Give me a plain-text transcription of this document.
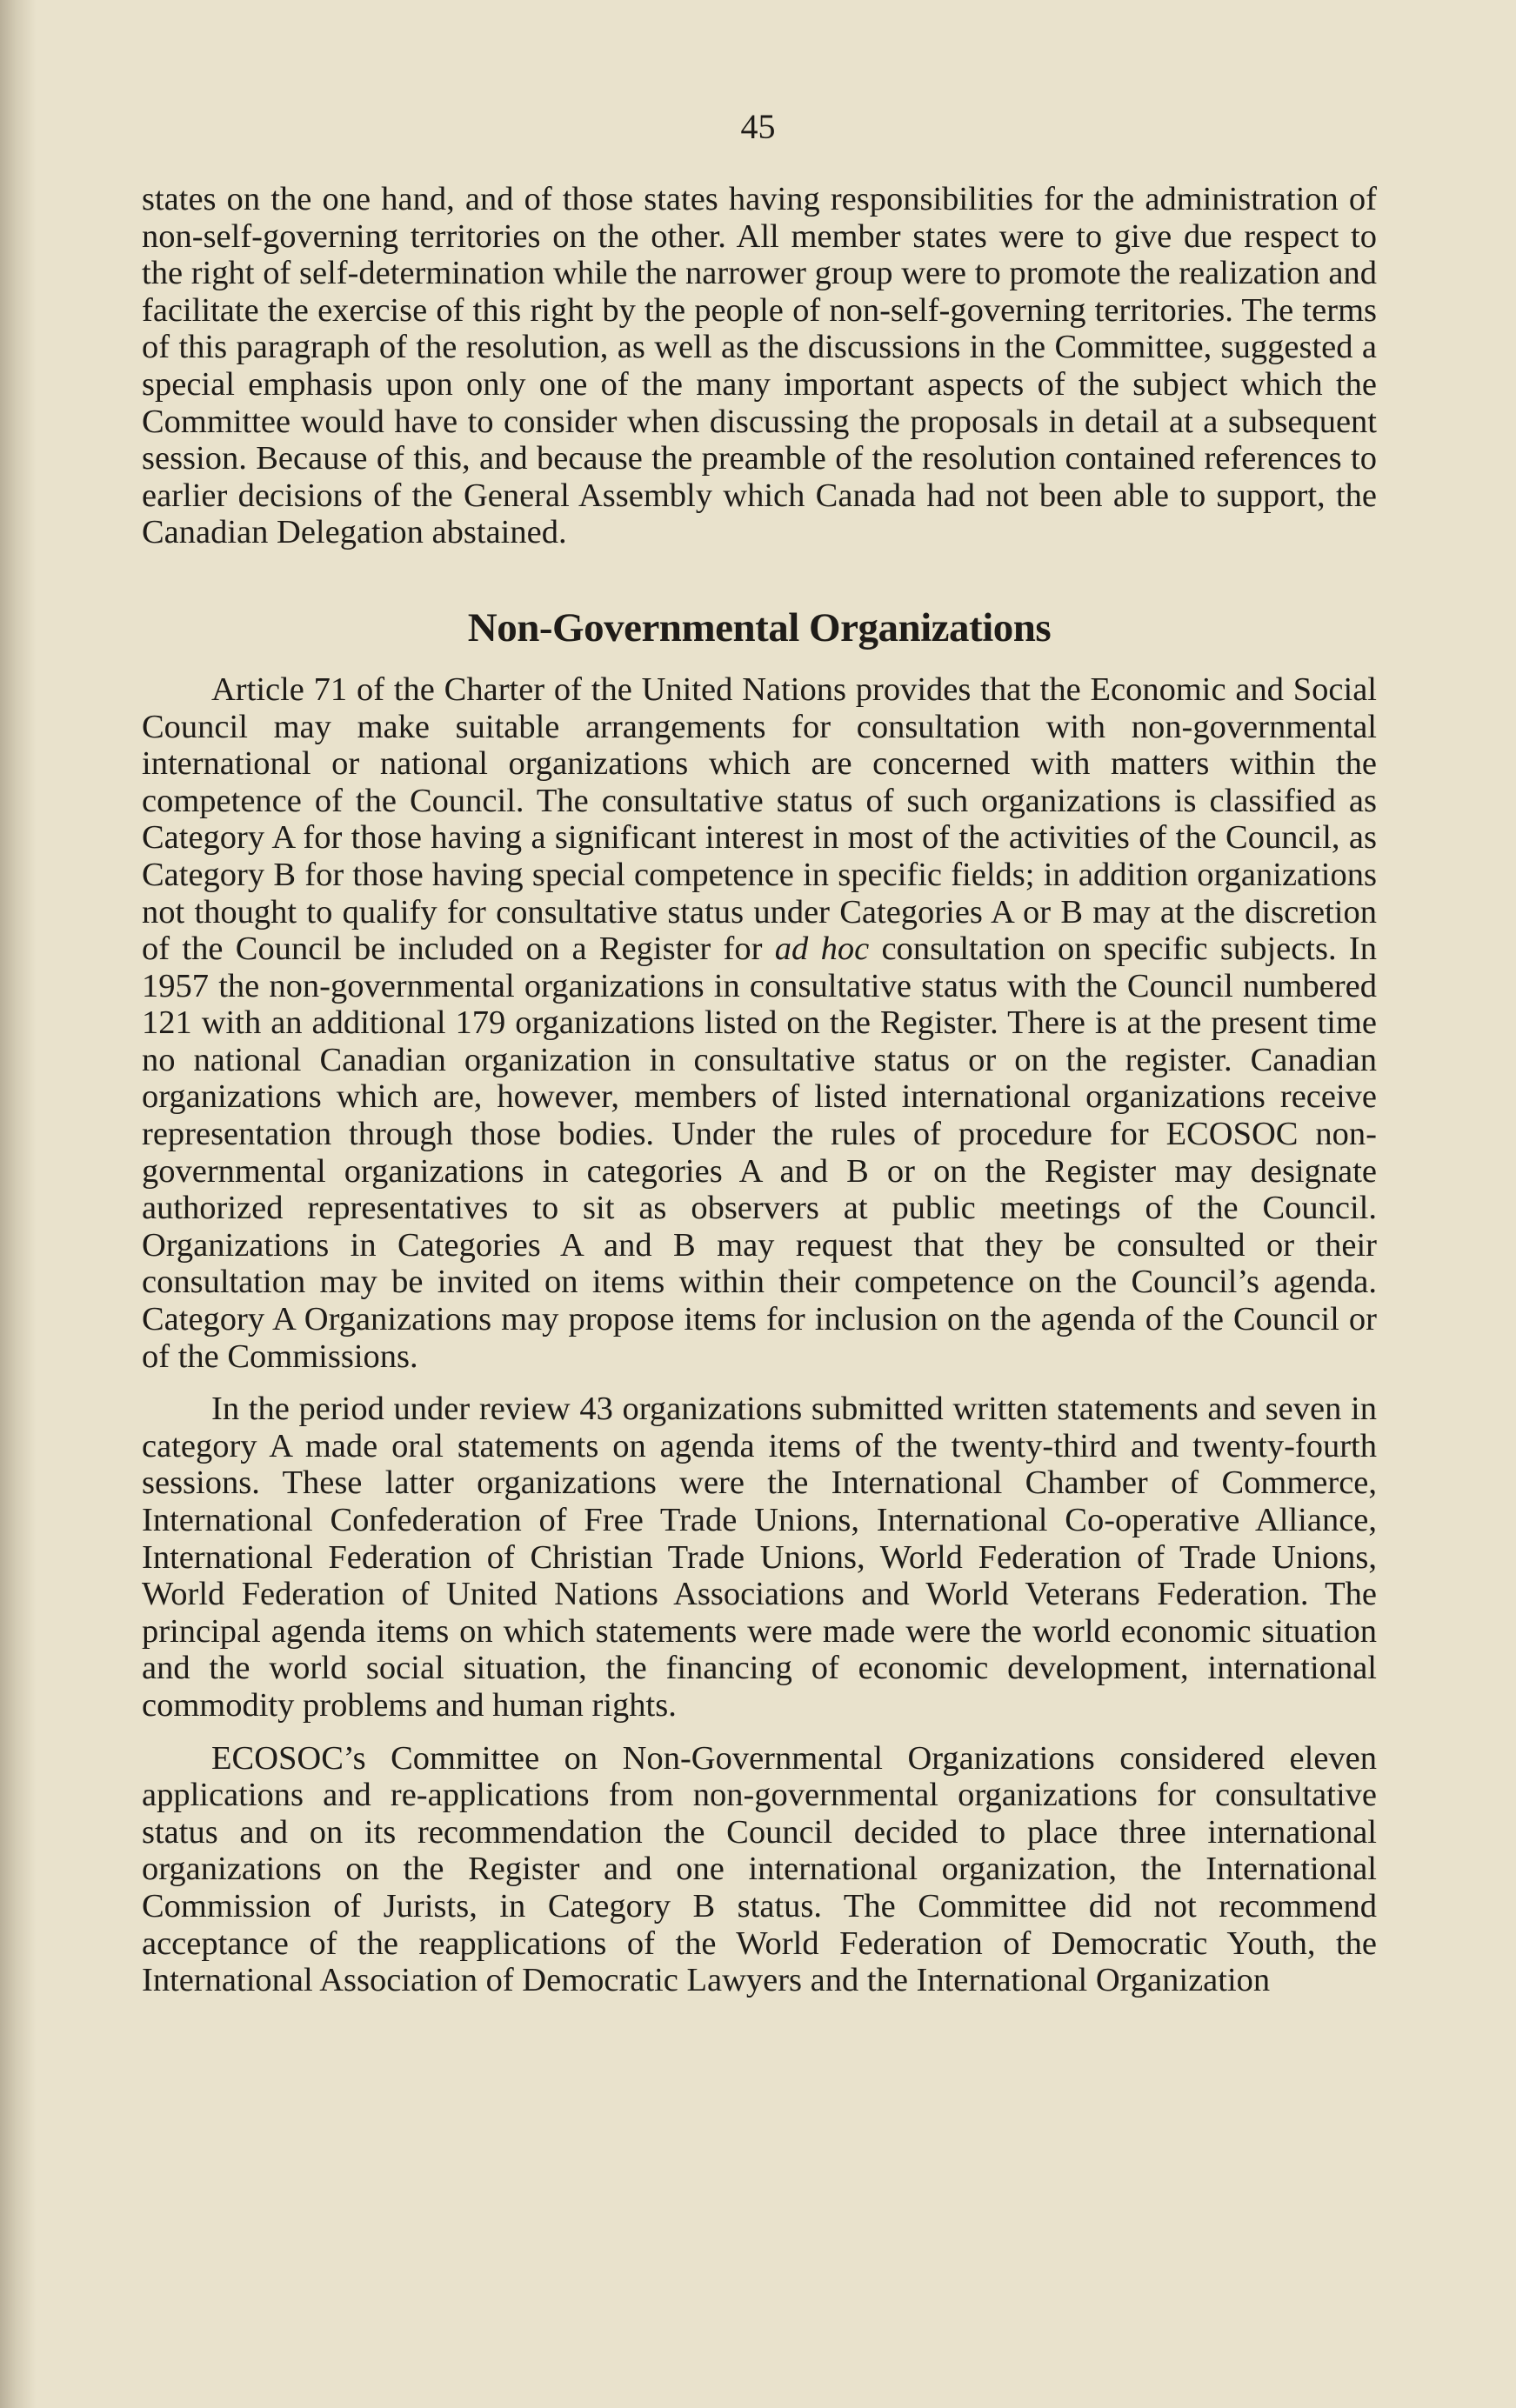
45

states on the one hand, and of those states having responsibilities for the administration of non-self-governing territories on the other. All member states were to give due respect to the right of self-determination while the narrower group were to promote the realization and facilitate the exercise of this right by the people of non-self-governing territories. The terms of this paragraph of the resolution, as well as the discussions in the Committee, suggested a special emphasis upon only one of the many important aspects of the subject which the Committee would have to consider when discussing the proposals in detail at a subsequent session. Because of this, and because the preamble of the resolution contained references to earlier decisions of the General Assembly which Canada had not been able to support, the Canadian Delegation abstained.

Non-Governmental Organizations

Article 71 of the Charter of the United Nations provides that the Economic and Social Council may make suitable arrangements for consultation with non-governmental international or national organizations which are concerned with matters within the competence of the Council. The consultative status of such organizations is classified as Category A for those having a significant interest in most of the activities of the Council, as Category B for those having special competence in specific fields; in addition organizations not thought to qualify for consultative status under Categories A or B may at the discretion of the Council be included on a Register for ad hoc consultation on specific subjects. In 1957 the non-governmental organizations in consultative status with the Council numbered 121 with an additional 179 organizations listed on the Register. There is at the present time no national Canadian organization in consultative status or on the register. Canadian organizations which are, however, members of listed international organizations receive representation through those bodies. Under the rules of procedure for ECOSOC non-governmental organizations in categories A and B or on the Register may designate authorized representatives to sit as observers at public meetings of the Council. Organizations in Categories A and B may request that they be consulted or their consultation may be invited on items within their competence on the Council’s agenda. Category A Organizations may propose items for inclusion on the agenda of the Council or of the Commissions.

In the period under review 43 organizations submitted written statements and seven in category A made oral statements on agenda items of the twenty-third and twenty-fourth sessions. These latter organizations were the International Chamber of Commerce, International Confederation of Free Trade Unions, International Co-operative Alliance, International Federation of Christian Trade Unions, World Federation of Trade Unions, World Federation of United Nations Associations and World Veterans Federation. The principal agenda items on which statements were made were the world economic situation and the world social situation, the financing of economic development, international commodity problems and human rights.

ECOSOC’s Committee on Non-Governmental Organizations considered eleven applications and re-applications from non-governmental organizations for consultative status and on its recommendation the Council decided to place three international organizations on the Register and one international organization, the International Commission of Jurists, in Category B status. The Committee did not recommend acceptance of the reapplications of the World Federation of Democratic Youth, the International Association of Democratic Lawyers and the International Organization
